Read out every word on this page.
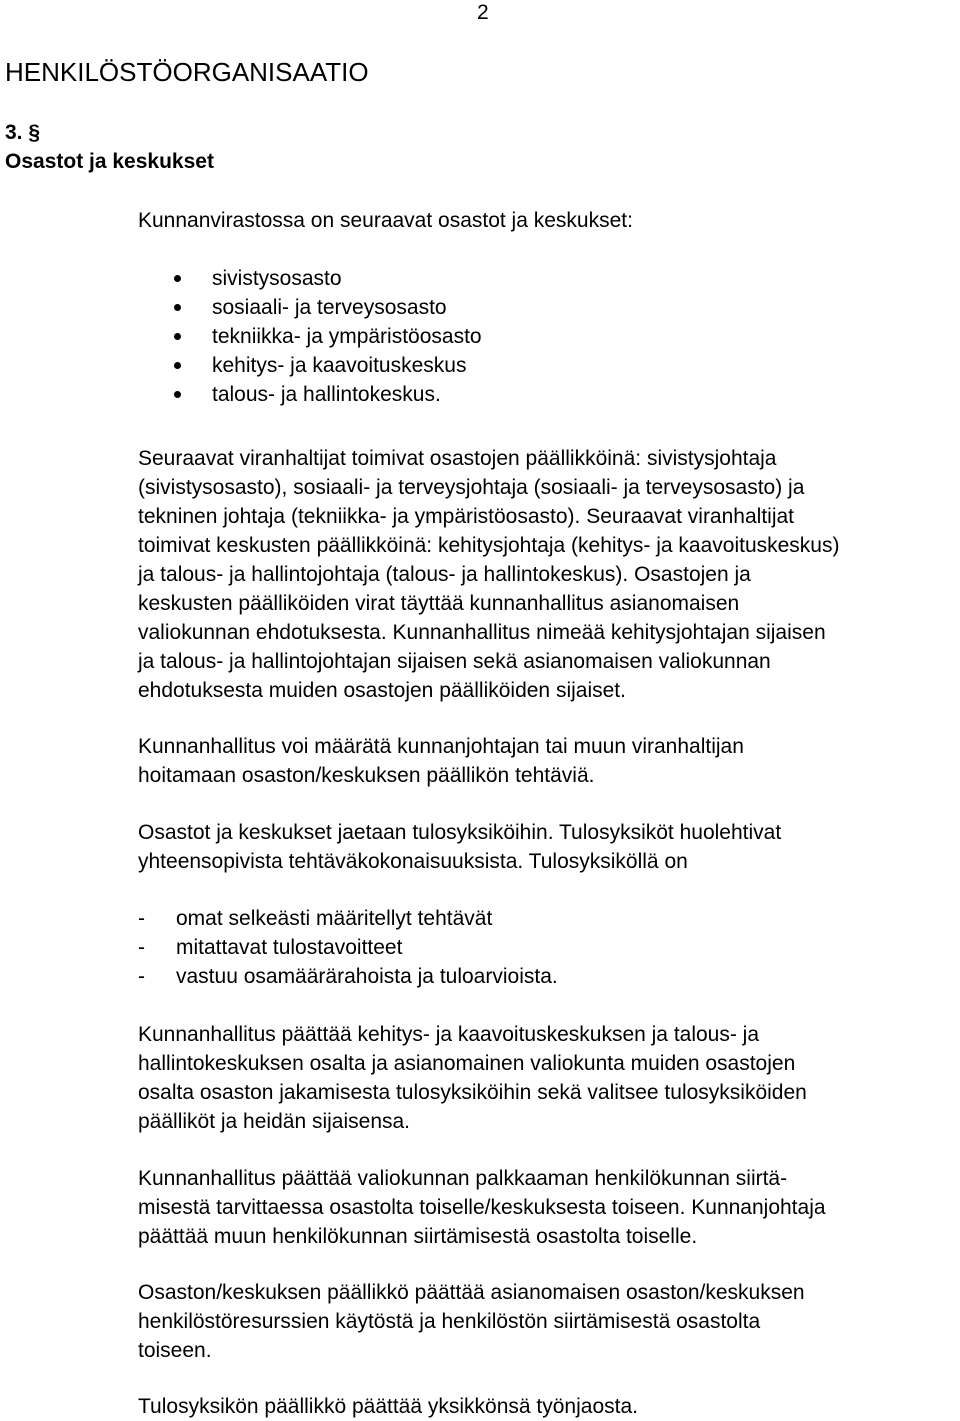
2
HENKILÖSTÖORGANISAATIO
3. §
Osastot ja keskukset

Kunnanvirastossa on seuraavat osastot ja keskukset:

sivistysosasto
sosiaali- ja terveysosasto
tekniikka- ja ympäristöosasto
kehitys- ja kaavoituskeskus
talous- ja hallintokeskus.
Seuraavat viranhaltijat toimivat osastojen päällikköinä: sivistysjohtaja
(sivistysosasto), sosiaali- ja terveysjohtaja (sosiaali- ja terveysosasto) ja
tekninen johtaja (tekniikka- ja ympäristöosasto). Seuraavat viranhaltijat
toimivat keskusten päällikköinä: kehitysjohtaja (kehitys- ja kaavoituskeskus)
ja talous- ja hallintojohtaja (talous- ja hallintokeskus). Osastojen ja
keskusten päälliköiden virat täyttää kunnanhallitus asianomaisen
valiokunnan ehdotuksesta. Kunnanhallitus nimeää kehitysjohtajan sijaisen
ja talous- ja hallintojohtajan sijaisen sekä asianomaisen valiokunnan
ehdotuksesta muiden osastojen päälliköiden sijaiset.
Kunnanhallitus voi määrätä kunnanjohtajan tai muun viranhaltijan
hoitamaan osaston/keskuksen päällikön tehtäviä.
Osastot ja keskukset jaetaan tulosyksiköihin. Tulosyksiköt huolehtivat
yhteensopivista tehtäväkokonaisuuksista. Tulosyksiköllä on
- omat selkeästi määritellyt tehtävät
- mitattavat tulostavoitteet
- vastuu osamäärärahoista ja tuloarvioista.
Kunnanhallitus päättää kehitys- ja kaavoituskeskuksen ja talous- ja
hallintokeskuksen osalta ja asianomainen valiokunta muiden osastojen
osalta osaston jakamisesta tulosyksiköihin sekä valitsee tulosyksiköiden
päälliköt ja heidän sijaisensa.
Kunnanhallitus päättää valiokunnan palkkaaman henkilökunnan siirtä-
misestä tarvittaessa osastolta toiselle/keskuksesta toiseen. Kunnanjohtaja
päättää muun henkilökunnan siirtämisestä osastolta toiselle.
Osaston/keskuksen päällikkö päättää asianomaisen osaston/keskuksen
henkilöstöresurssien käytöstä ja henkilöstön siirtämisestä osastolta
toiseen.
Tulosyksikön päällikkö päättää yksikkönsä työnjaosta.
